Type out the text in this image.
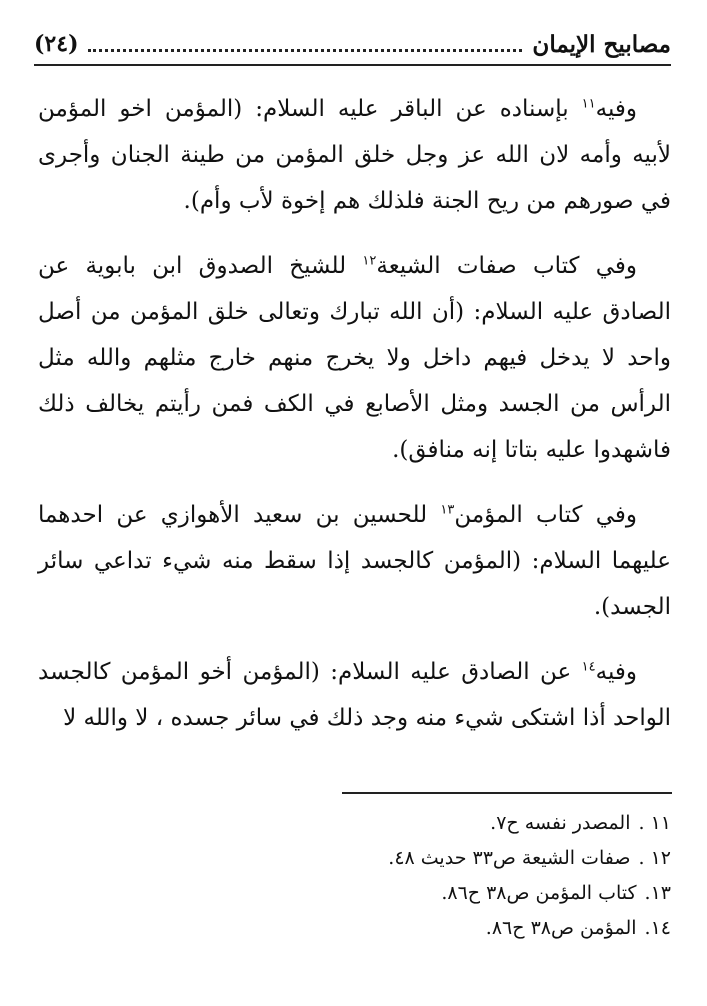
مصابيح الإيمان
(٢٤)

وفيه$^{١١}$ بإسناده عن الباقر عليه السلام: (المؤمن اخو المؤمن لأبيه وأمه لان الله عز وجل خلق المؤمن من طينة الجنان وأجرى في صورهم من ريح الجنة فلذلك هم إخوة لأب وأم).

وفي كتاب صفات الشيعة$^{١٢}$ للشيخ الصدوق ابن بابوية عن الصادق عليه السلام: (أن الله تبارك وتعالى خلق المؤمن من أصل واحد لا يدخل فيهم داخل ولا يخرج منهم خارج مثلهم والله مثل الرأس من الجسد ومثل الأصابع في الكف فمن رأيتم يخالف ذلك فاشهدوا عليه بتاتا إنه منافق).

وفي كتاب المؤمن$^{١٣}$ للحسين بن سعيد الأهوازي عن احدهما عليهما السلام: (المؤمن كالجسد إذا سقط منه شيء تداعي سائر الجسد).

وفيه$^{١٤}$ عن الصادق عليه السلام: (المؤمن أخو المؤمن كالجسد الواحد أذا اشتكى شيء منه وجد ذلك في سائر جسده ، لا والله لا

١١ .المصدر نفسه ح٧.
١٢ .صفات الشيعة ص٣٣ حديث ٤٨.
١٣.كتاب المؤمن ص٣٨ ح٨٦.
١٤.المؤمن ص٣٨ ح٨٦.
